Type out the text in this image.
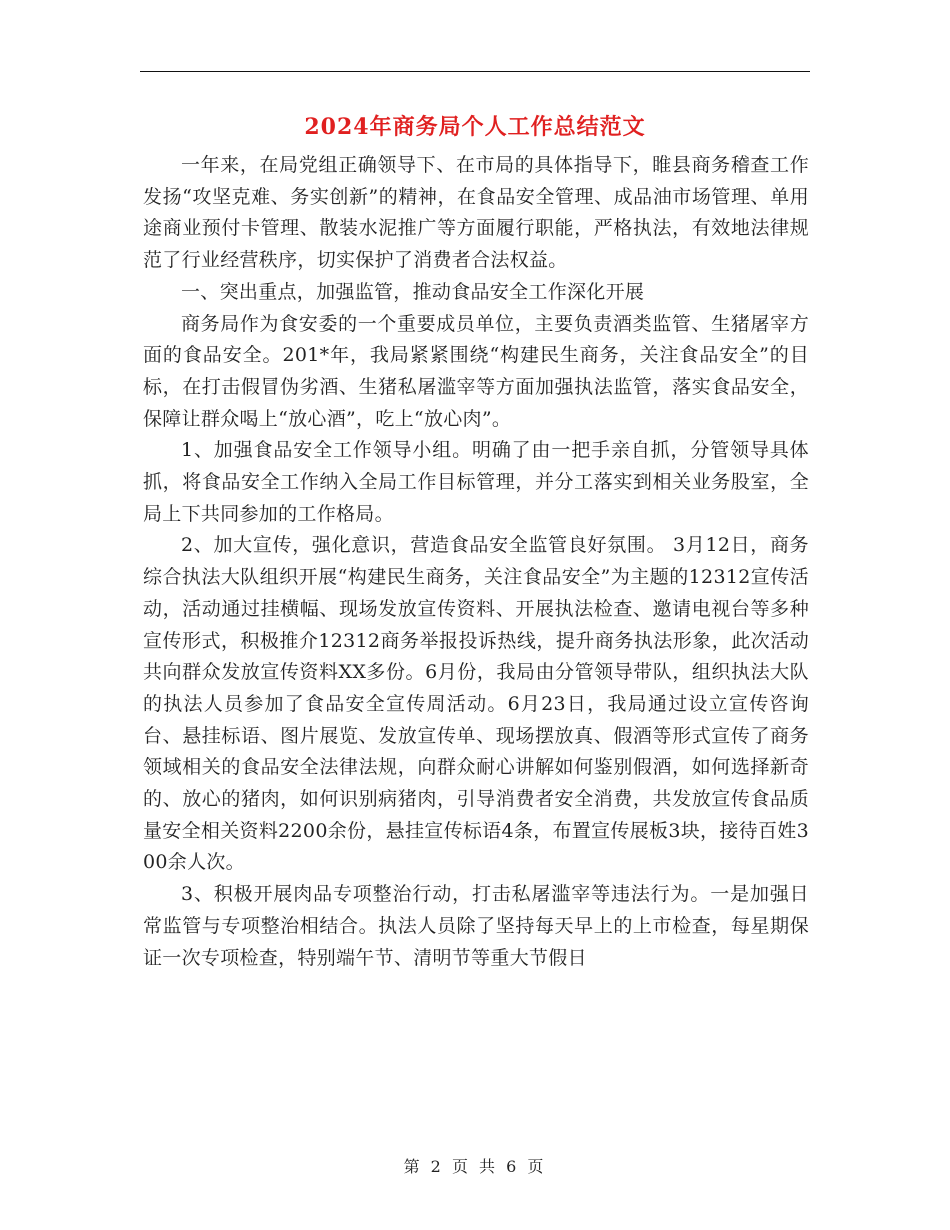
2024年商务局个人工作总结范文

一年来，在局党组正确领导下、在市局的具体指导下，睢县商务稽查工作发扬“攻坚克难、务实创新”的精神，在食品安全管理、成品油市场管理、单用途商业预付卡管理、散装水泥推广等方面履行职能，严格执法，有效地法律规范了行业经营秩序，切实保护了消费者合法权益。

一、突出重点，加强监管，推动食品安全工作深化开展

商务局作为食安委的一个重要成员单位，主要负责酒类监管、生猪屠宰方面的食品安全。201*年，我局紧紧围绕“构建民生商务，关注食品安全”的目标，在打击假冒伪劣酒、生猪私屠滥宰等方面加强执法监管，落实食品安全，保障让群众喝上“放心酒”，吃上“放心肉”。

1、加强食品安全工作领导小组。明确了由一把手亲自抓，分管领导具体抓，将食品安全工作纳入全局工作目标管理，并分工落实到相关业务股室，全局上下共同参加的工作格局。

2、加大宣传，强化意识，营造食品安全监管良好氛围。 3月12日，商务综合执法大队组织开展“构建民生商务，关注食品安全”为主题的12312宣传活动，活动通过挂横幅、现场发放宣传资料、开展执法检查、邀请电视台等多种宣传形式，积极推介12312商务举报投诉热线，提升商务执法形象，此次活动共向群众发放宣传资料XX多份。6月份，我局由分管领导带队，组织执法大队的执法人员参加了食品安全宣传周活动。6月23日，我局通过设立宣传咨询台、悬挂标语、图片展览、发放宣传单、现场摆放真、假酒等形式宣传了商务领域相关的食品安全法律法规，向群众耐心讲解如何鉴别假酒，如何选择新奇的、放心的猪肉，如何识别病猪肉，引导消费者安全消费，共发放宣传食品质量安全相关资料2200余份，悬挂宣传标语4条，布置宣传展板3块，接待百姓300余人次。

3、积极开展肉品专项整治行动，打击私屠滥宰等违法行为。一是加强日常监管与专项整治相结合。执法人员除了坚持每天早上的上市检查，每星期保证一次专项检查，特别端午节、清明节等重大节假日

第 2 页 共 6 页
